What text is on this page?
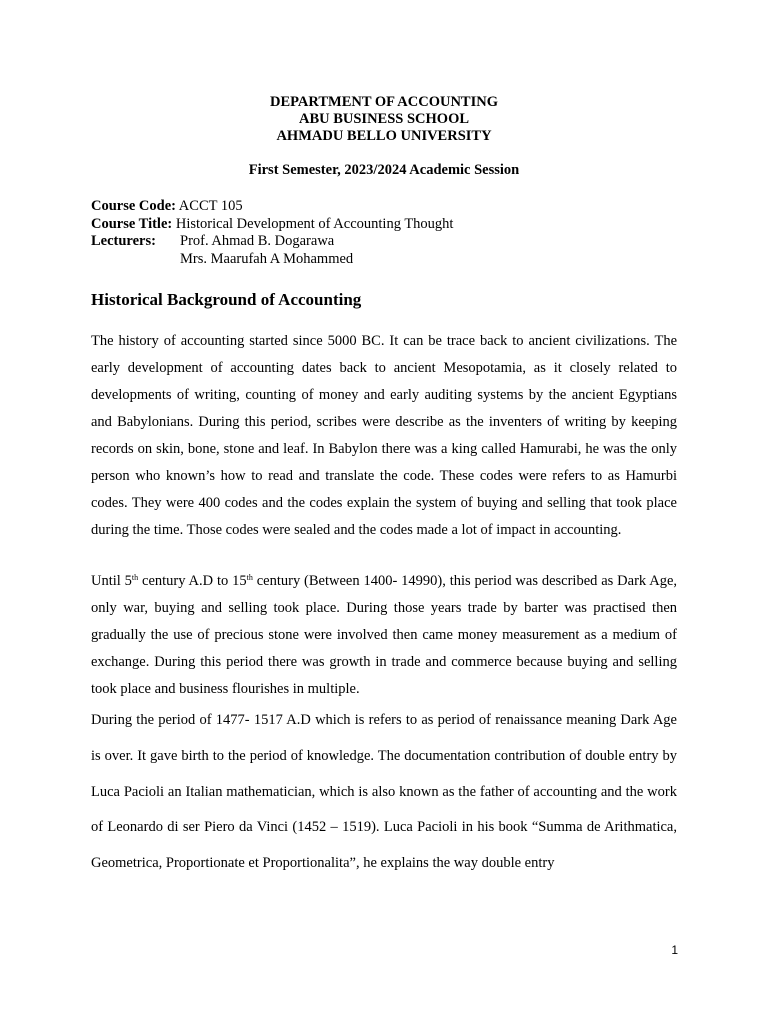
DEPARTMENT OF ACCOUNTING
ABU BUSINESS SCHOOL
AHMADU BELLO UNIVERSITY
First Semester, 2023/2024 Academic Session
Course Code: ACCT 105
Course Title: Historical Development of Accounting Thought
Lecturers: Prof. Ahmad B. Dogarawa
Mrs. Maarufah A Mohammed
Historical Background of Accounting

The history of accounting started since 5000 BC. It can be trace back to ancient civilizations. The early development of accounting dates back to ancient Mesopotamia, as it closely related to developments of writing, counting of money and early auditing systems by the ancient Egyptians and Babylonians. During this period, scribes were describe as the inventers of writing by keeping records on skin, bone, stone and leaf. In Babylon there was a king called Hamurabi, he was the only person who known’s how to read and translate the code. These codes were refers to as Hamurbi codes. They were 400 codes and the codes explain the system of buying and selling that took place during the time. Those codes were sealed and the codes made a lot of impact in accounting.

Until 5th century A.D to 15th century (Between 1400- 14990), this period was described as Dark Age, only war, buying and selling took place. During those years trade by barter was practised then gradually the use of precious stone were involved then came money measurement as a medium of exchange. During this period there was growth in trade and commerce because buying and selling took place and business flourishes in multiple.

During the period of 1477- 1517 A.D which is refers to as period of renaissance meaning Dark Age is over. It gave birth to the period of knowledge. The documentation contribution of double entry by Luca Pacioli an Italian mathematician, which is also known as the father of accounting and the work of Leonardo di ser Piero da Vinci (1452 – 1519). Luca Pacioli in his book “Summa de Arithmatica, Geometrica, Proportionate et Proportionalita”, he explains the way double entry

1
